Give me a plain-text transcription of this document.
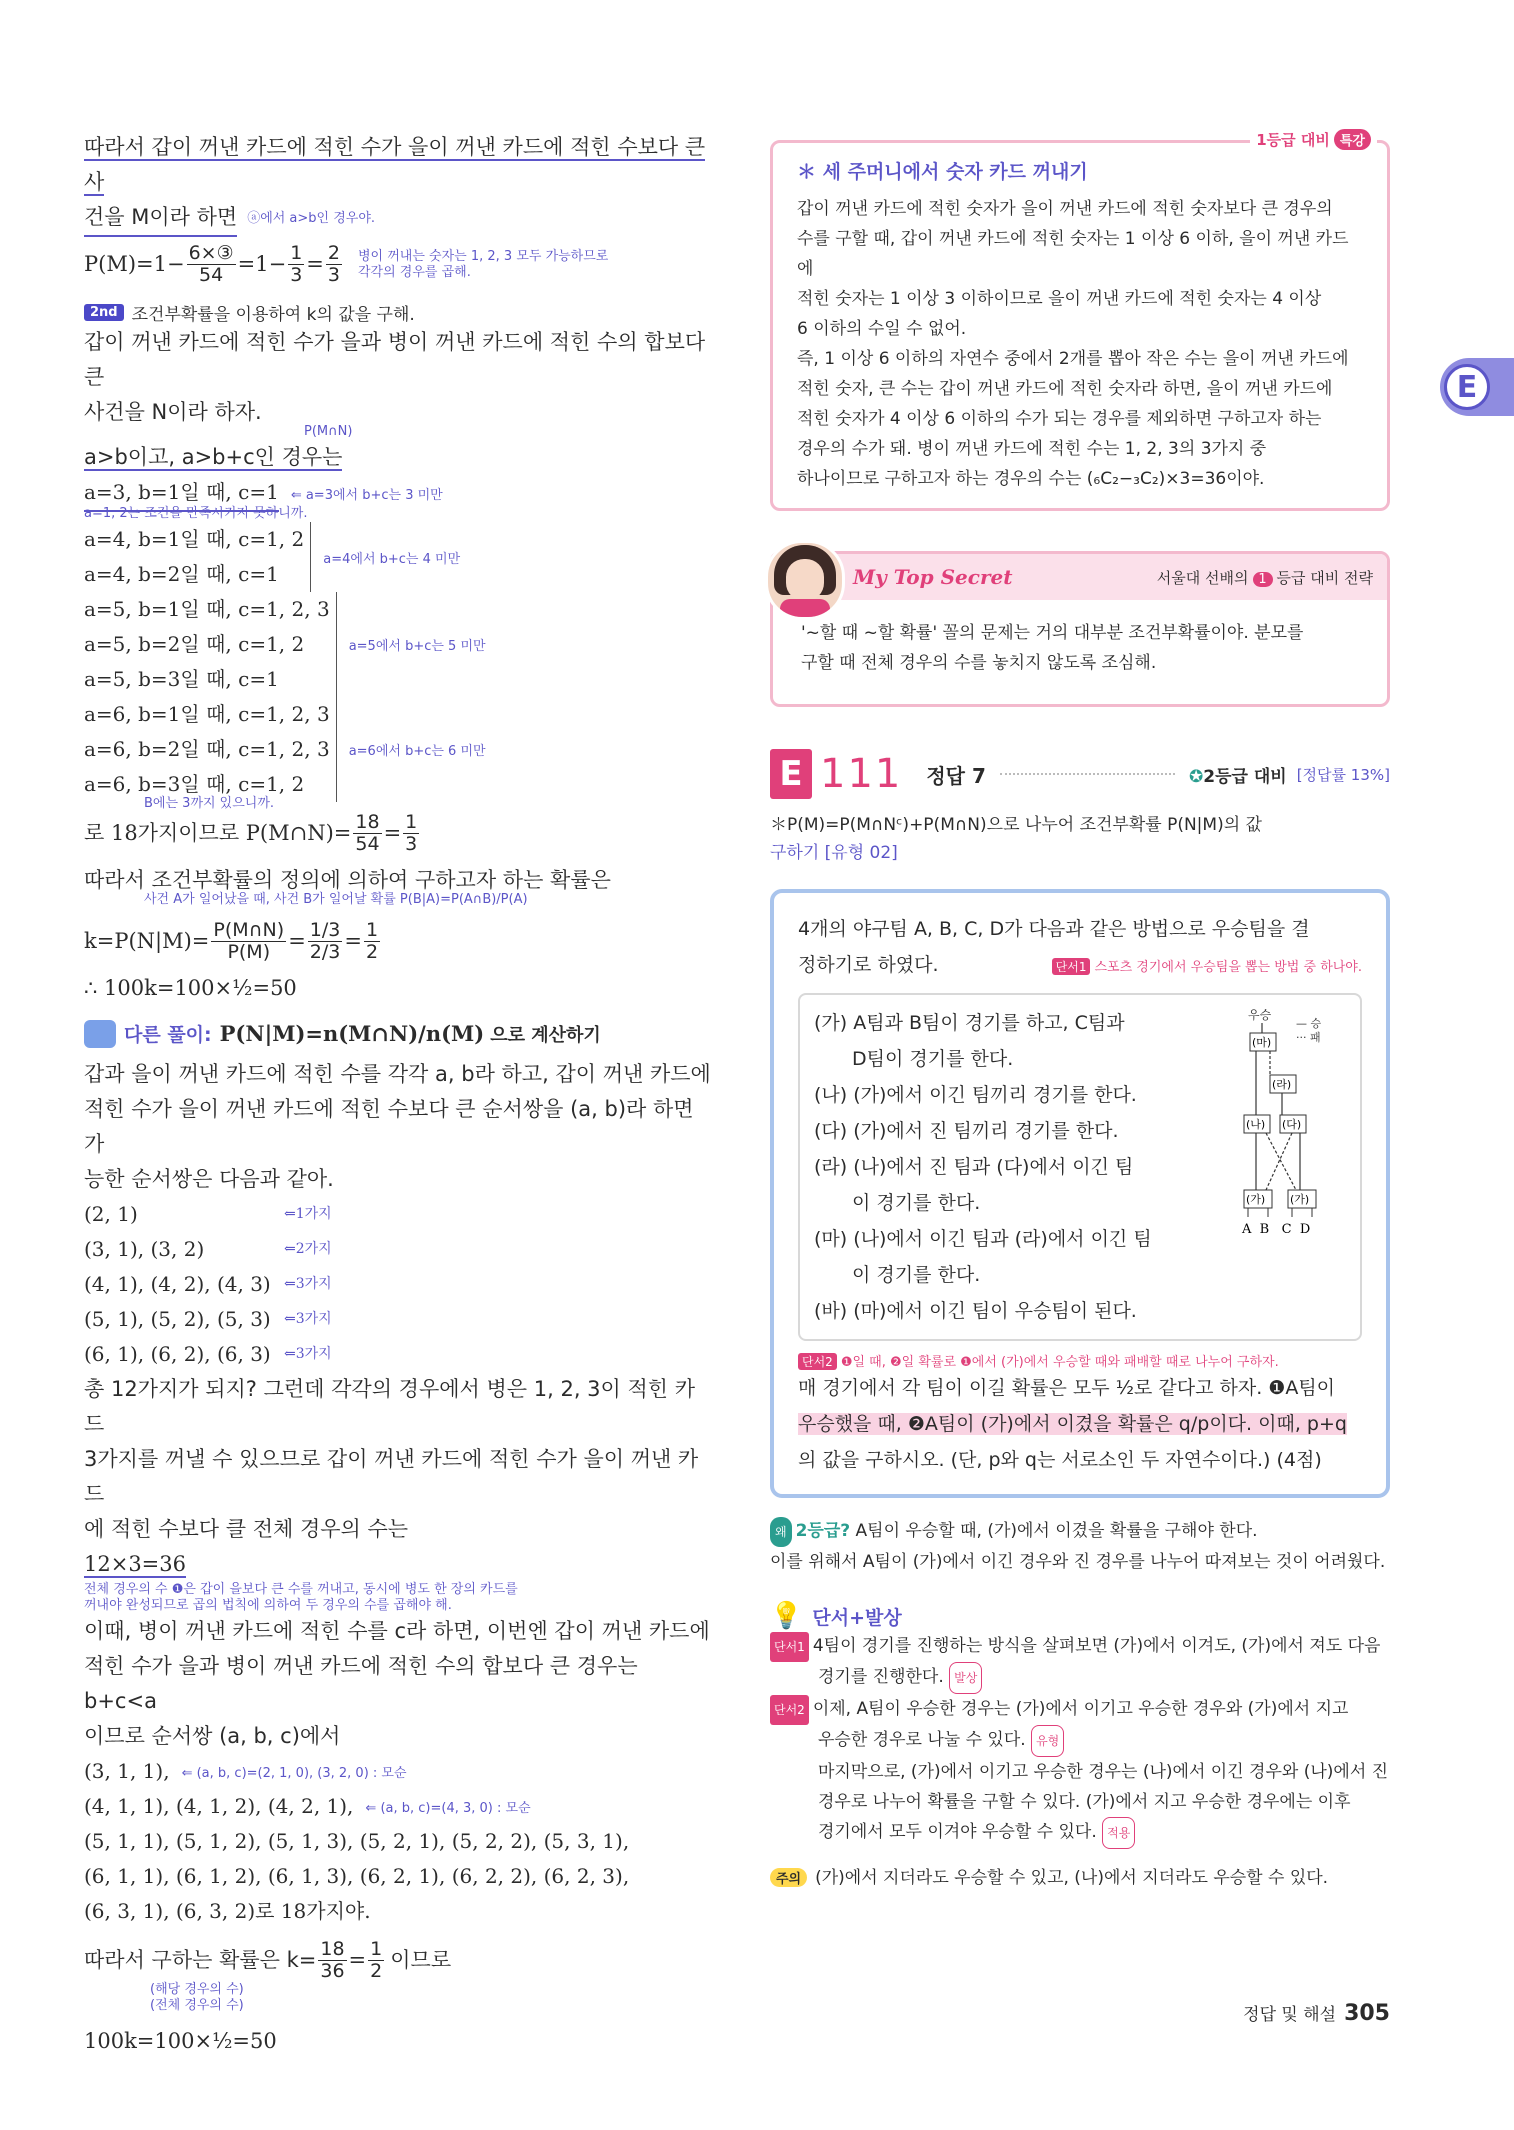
따라서 갑이 꺼낸 카드에 적힌 수가 을이 꺼낸 카드에 적힌 수보다 큰 사

건을 M이라 하면 ⓐ에서 a>b인 경우야.
$P(M)=1- \frac{\text{6×③}}{54} =1- \frac{1}{3} = \frac{2}{3}$ 병이 꺼내는 숫자는 1, 2, 3 모두 가능하므로
각각의 경우를 곱해.
2nd 조건부확률을 이용하여 k의 값을 구해.

갑이 꺼낸 카드에 적힌 수가 을과 병이 꺼낸 카드에 적힌 수의 합보다 큰

사건을 N이라 하자.

P(M∩N)

a>b이고, a>b+c인 경우는

a=3, b=1일 때, c=1 ⇐ a=3에서 b+c는 3 미만
a=1, 2는 조건을 만족시키지 못하니까.
a=4, b=1일 때, c=1, 2
a=4, b=2일 때, c=1
a=4에서 b+c는 4 미만
a=5, b=1일 때, c=1, 2, 3
a=5, b=2일 때, c=1, 2
a=5, b=3일 때, c=1
a=5에서 b+c는 5 미만
a=6, b=1일 때, c=1, 2, 3
a=6, b=2일 때, c=1, 2, 3
a=6, b=3일 때, c=1, 2
a=6에서 b+c는 6 미만
B에는 3까지 있으니까.
로 18가지이므로 P(M∩N)= $\frac{18}{54} = \frac{1}{3}$

따라서 조건부확률의 정의에 의하여 구하고자 하는 확률은

사건 A가 일어났을 때, 사건 B가 일어날 확률 P(B|A)=P(A∩B)/P(A)
$k=P(N|M)= \frac{P(M\cap N)}{P(M)} = \frac{1/3}{2/3} = \frac{1}{2}$

∴ 100k=100×½=50

다른 풀이: P(N|M)=n(M∩N)/n(M) 으로 계산하기

갑과 을이 꺼낸 카드에 적힌 수를 각각 a, b라 하고, 갑이 꺼낸 카드에

적힌 수가 을이 꺼낸 카드에 적힌 수보다 큰 순서쌍을 (a, b)라 하면 가

능한 순서쌍은 다음과 같아.

(2, 1)	⇐1가지
(3, 1), (3, 2)	⇐2가지
(4, 1), (4, 2), (4, 3) ⇐3가지
(5, 1), (5, 2), (5, 3) ⇐3가지
(6, 1), (6, 2), (6, 3) ⇐3가지

총 12가지가 되지? 그런데 각각의 경우에서 병은 1, 2, 3이 적힌 카드

3가지를 꺼낼 수 있으므로 갑이 꺼낸 카드에 적힌 수가 을이 꺼낸 카드

에 적힌 수보다 클 전체 경우의 수는

12×3=36

전체 경우의 수 ❶은 갑이 을보다 큰 수를 꺼내고, 동시에 병도 한 장의 카드를
꺼내야 완성되므로 곱의 법칙에 의하여 두 경우의 수를 곱해야 해.

이때, 병이 꺼낸 카드에 적힌 수를 c라 하면, 이번엔 갑이 꺼낸 카드에

적힌 수가 을과 병이 꺼낸 카드에 적힌 수의 합보다 큰 경우는 b+c<a

이므로 순서쌍 (a, b, c)에서

(3, 1, 1), ⇐ (a, b, c)=(2, 1, 0), (3, 2, 0) : 모순
(4, 1, 1), (4, 1, 2), (4, 2, 1), ⇐ (a, b, c)=(4, 3, 0) : 모순
(5, 1, 1), (5, 1, 2), (5, 1, 3), (5, 2, 1), (5, 2, 2), (5, 3, 1),
(6, 1, 1), (6, 1, 2), (6, 1, 3), (6, 2, 1), (6, 2, 2), (6, 2, 3),
(6, 3, 1), (6, 3, 2)로 18가지야.
따라서 구하는 확률은 $k= \frac{18}{36} = \frac{1}{2}$ 이므로
(해당 경우의 수)
(전체 경우의 수)

100k=100×½=50

1등급 대비 특강
＊ 세 주머니에서 숫자 카드 꺼내기
갑이 꺼낸 카드에 적힌 숫자가 을이 꺼낸 카드에 적힌 숫자보다 큰 경우의
수를 구할 때, 갑이 꺼낸 카드에 적힌 숫자는 1 이상 6 이하, 을이 꺼낸 카드에
적힌 숫자는 1 이상 3 이하이므로 을이 꺼낸 카드에 적힌 숫자는 4 이상
6 이하의 수일 수 없어.
즉, 1 이상 6 이하의 자연수 중에서 2개를 뽑아 작은 수는 을이 꺼낸 카드에
적힌 숫자, 큰 수는 갑이 꺼낸 카드에 적힌 숫자라 하면, 을이 꺼낸 카드에
적힌 숫자가 4 이상 6 이하의 수가 되는 경우를 제외하면 구하고자 하는
경우의 수가 돼. 병이 꺼낸 카드에 적힌 수는 1, 2, 3의 3가지 중
하나이므로 구하고자 하는 경우의 수는 (₆C₂−₃C₂)×3=36이야.
My Top Secret	서울대 선배의 1 등급 대비 전략
'~할 때 ~할 확률' 꼴의 문제는 거의 대부분 조건부확률이야. 분모를
구할 때 전체 경우의 수를 놓치지 않도록 조심해.
E 111 정답 7	✪2등급 대비 [정답률 13%]
＊P(M)=P(M∩Nᶜ)+P(M∩N)으로 나누어 조건부확률 P(N|M)의 값
구하기 [유형 02]

4개의 야구팀 A, B, C, D가 다음과 같은 방법으로 우승팀을 결

정하기로 하였다.	단서1 스포츠 경기에서 우승팀을 뽑는 방법 중 하나야.
(가) A팀과 B팀이 경기를 하고, C팀과
D팀이 경기를 한다.
(나) (가)에서 이긴 팀끼리 경기를 한다.
(다) (가)에서 진 팀끼리 경기를 한다.
(라) (나)에서 진 팀과 (다)에서 이긴 팀
이 경기를 한다.
(마) (나)에서 이긴 팀과 (라)에서 이긴 팀
이 경기를 한다.
(바) (마)에서 이긴 팀이 우승팀이 된다.
우승
— 승
··· 패
(마)
(라)
(나) (다)
(가) (가)
A  B   C  D
단서2 ❶일 때, ❷일 확률로 ❶에서 (가)에서 우승할 때와 패배할 때로 나누어 구하자.

매 경기에서 각 팀이 이길 확률은 모두 ½로 같다고 하자. ❶A팀이

우승했을 때, ❷A팀이 (가)에서 이겼을 확률은 q/p이다. 이때, p+q

의 값을 구하시오. (단, p와 q는 서로소인 두 자연수이다.) (4점)

왜 2등급? A팀이 우승할 때, (가)에서 이겼을 확률을 구해야 한다.
이를 위해서 A팀이 (가)에서 이긴 경우와 진 경우를 나누어 따져보는 것이 어려웠다.
💡 단서+발상
단서1 4팀이 경기를 진행하는 방식을 살펴보면 (가)에서 이겨도, (가)에서 져도 다음
경기를 진행한다. 발상
단서2 이제, A팀이 우승한 경우는 (가)에서 이기고 우승한 경우와 (가)에서 지고
우승한 경우로 나눌 수 있다. 유형
마지막으로, (가)에서 이기고 우승한 경우는 (나)에서 이긴 경우와 (나)에서 진
경우로 나누어 확률을 구할 수 있다. (가)에서 지고 우승한 경우에는 이후
경기에서 모두 이겨야 우승할 수 있다. 적용
주의 (가)에서 지더라도 우승할 수 있고, (나)에서 지더라도 우승할 수 있다.
E
정답 및 해설 305
